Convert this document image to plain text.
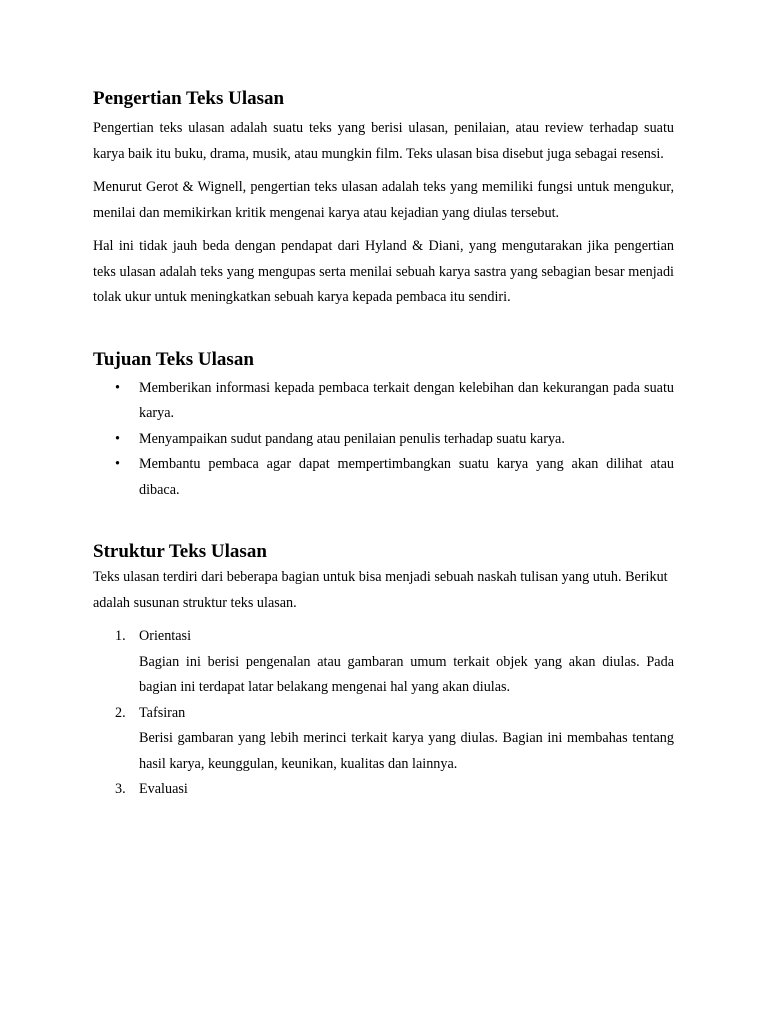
Pengertian Teks Ulasan

Pengertian teks ulasan adalah suatu teks yang berisi ulasan, penilaian, atau review terhadap suatu karya baik itu buku, drama, musik, atau mungkin film. Teks ulasan bisa disebut juga sebagai resensi.

Menurut Gerot & Wignell, pengertian teks ulasan adalah teks yang memiliki fungsi untuk mengukur, menilai dan memikirkan kritik mengenai karya atau kejadian yang diulas tersebut.

Hal ini tidak jauh beda dengan pendapat dari Hyland & Diani, yang mengutarakan jika pengertian teks ulasan adalah teks yang mengupas serta menilai sebuah karya sastra yang sebagian besar menjadi tolak ukur untuk meningkatkan sebuah karya kepada pembaca itu sendiri.

Tujuan Teks Ulasan
• Memberikan informasi kepada pembaca terkait dengan kelebihan dan kekurangan pada suatu karya.
• Menyampaikan sudut pandang atau penilaian penulis terhadap suatu karya.
• Membantu pembaca agar dapat mempertimbangkan suatu karya yang akan dilihat atau dibaca.
Struktur Teks Ulasan

Teks ulasan terdiri dari beberapa bagian untuk bisa menjadi sebuah naskah tulisan yang utuh. Berikut adalah susunan struktur teks ulasan.

1. Orientasi
Bagian ini berisi pengenalan atau gambaran umum terkait objek yang akan diulas. Pada bagian ini terdapat latar belakang mengenai hal yang akan diulas.
2. Tafsiran
Berisi gambaran yang lebih merinci terkait karya yang diulas. Bagian ini membahas tentang hasil karya, keunggulan, keunikan, kualitas dan lainnya.
3. Evaluasi
